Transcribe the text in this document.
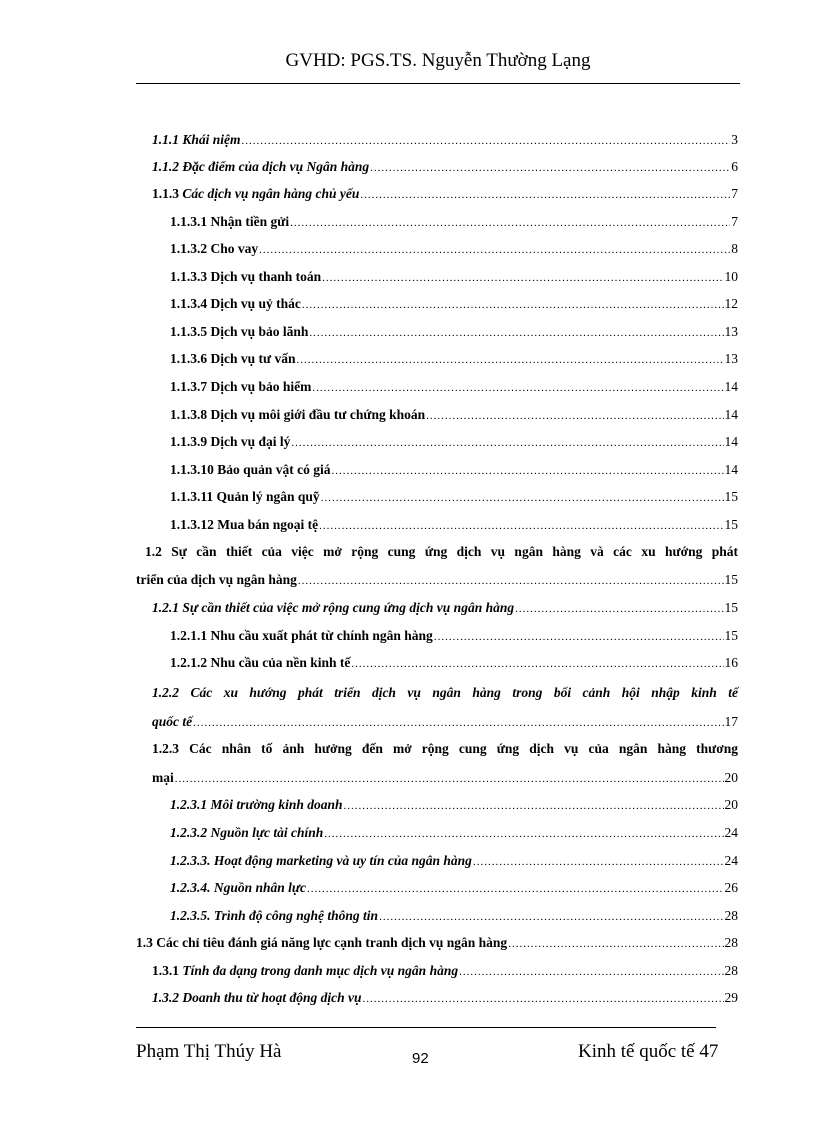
GVHD: PGS.TS. Nguyễn Thường Lạng
1.1.1 Khái niệm .....	3
1.1.2 Đặc điểm của dịch vụ Ngân hàng .....	6
1.1.3 Các dịch vụ ngân hàng chủ yếu .....	7
1.1.3.1 Nhận tiền gửi .....	7
1.1.3.2 Cho vay .....	8
1.1.3.3 Dịch vụ thanh toán .....	10
1.1.3.4 Dịch vụ uỷ thác .....	12
1.1.3.5 Dịch vụ bảo lãnh .....	13
1.1.3.6 Dịch vụ tư vấn .....	13
1.1.3.7 Dịch vụ bảo hiểm .....	14
1.1.3.8 Dịch vụ môi giới đầu tư chứng khoán .....	14
1.1.3.9 Dịch vụ đại lý .....	14
1.1.3.10 Bảo quản vật có giá .....	14
1.1.3.11 Quản lý ngân quỹ .....	15
1.1.3.12 Mua bán ngoại tệ .....	15
1.2 Sự cần thiết của việc mở rộng cung ứng dịch vụ ngân hàng và các xu hướng phát
triển của dịch vụ ngân hàng .....	15
1.2.1 Sự cần thiết của việc mở rộng cung ứng dịch vụ ngân hàng .....	15
1.2.1.1 Nhu cầu xuất phát từ chính ngân hàng .....	15
1.2.1.2 Nhu cầu của nền kinh tế .....	16
1.2.2 Các xu hướng phát triển dịch vụ ngân hàng trong bối cảnh hội nhập kinh tế
quốc tế .....	17
1.2.3 Các nhân tố ảnh hưởng đến mở rộng cung ứng dịch vụ của ngân hàng thương
mại .....	20
1.2.3.1 Môi trường kinh doanh .....	20
1.2.3.2 Nguồn lực tài chính .....	24
1.2.3.3. Hoạt động marketing và uy tín của ngân hàng .....	24
1.2.3.4. Nguồn nhân lực .....	26
1.2.3.5. Trình độ công nghệ thông tin .....	28
1.3 Các chỉ tiêu đánh giá năng lực cạnh tranh dịch vụ ngân hàng .....	28
1.3.1 Tính đa dạng trong danh mục dịch vụ ngân hàng .....	28
1.3.2 Doanh thu từ hoạt động dịch vụ .....	29
Phạm Thị Thúy Hà	92	Kinh tế quốc tế 47
